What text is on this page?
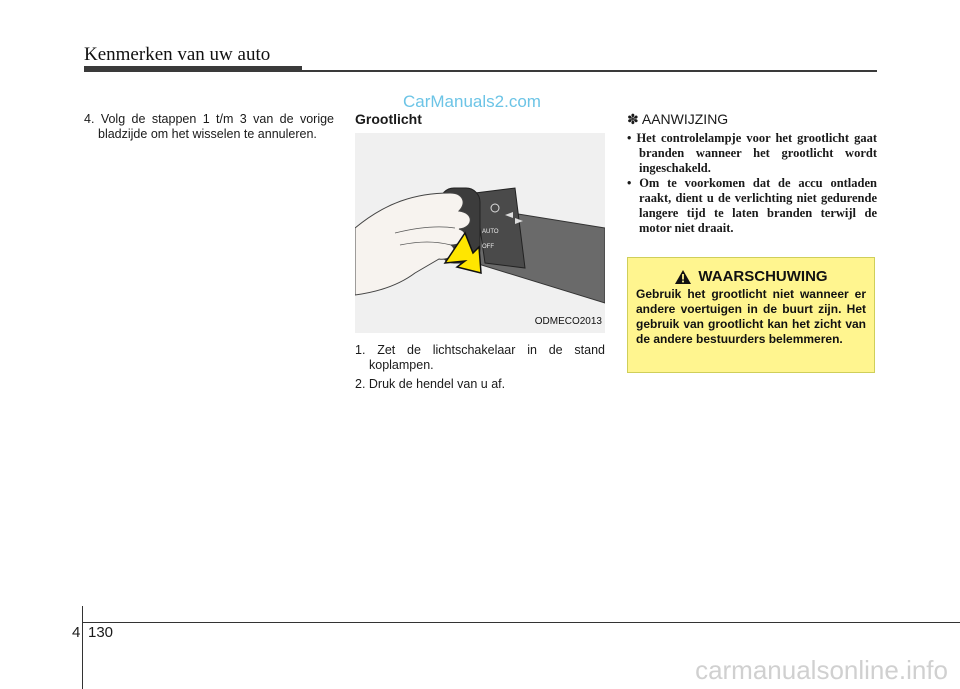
Kenmerken van uw auto
CarManuals2.com

4. Volg de stappen 1 t/m 3 van de vorige bladzijde om het wisselen te annuleren.

Grootlicht
AUTO
OFF
ODMECO2013

1. Zet de lichtschakelaar in de stand koplampen.

2. Druk de hendel van u af.

✽ AANWIJZING
• Het controlelampje voor het grootlicht gaat branden wanneer het grootlicht wordt ingeschakeld.
• Om te voorkomen dat de accu ontladen raakt, dient u de verlichting niet gedurende langere tijd te laten branden terwijl de motor niet draait.
WAARSCHUWING
Gebruik het grootlicht niet wanneer er andere voertuigen in de buurt zijn. Het gebruik van grootlicht kan het zicht van de andere bestuurders belemmeren.
4 130
carmanualsonline.info
